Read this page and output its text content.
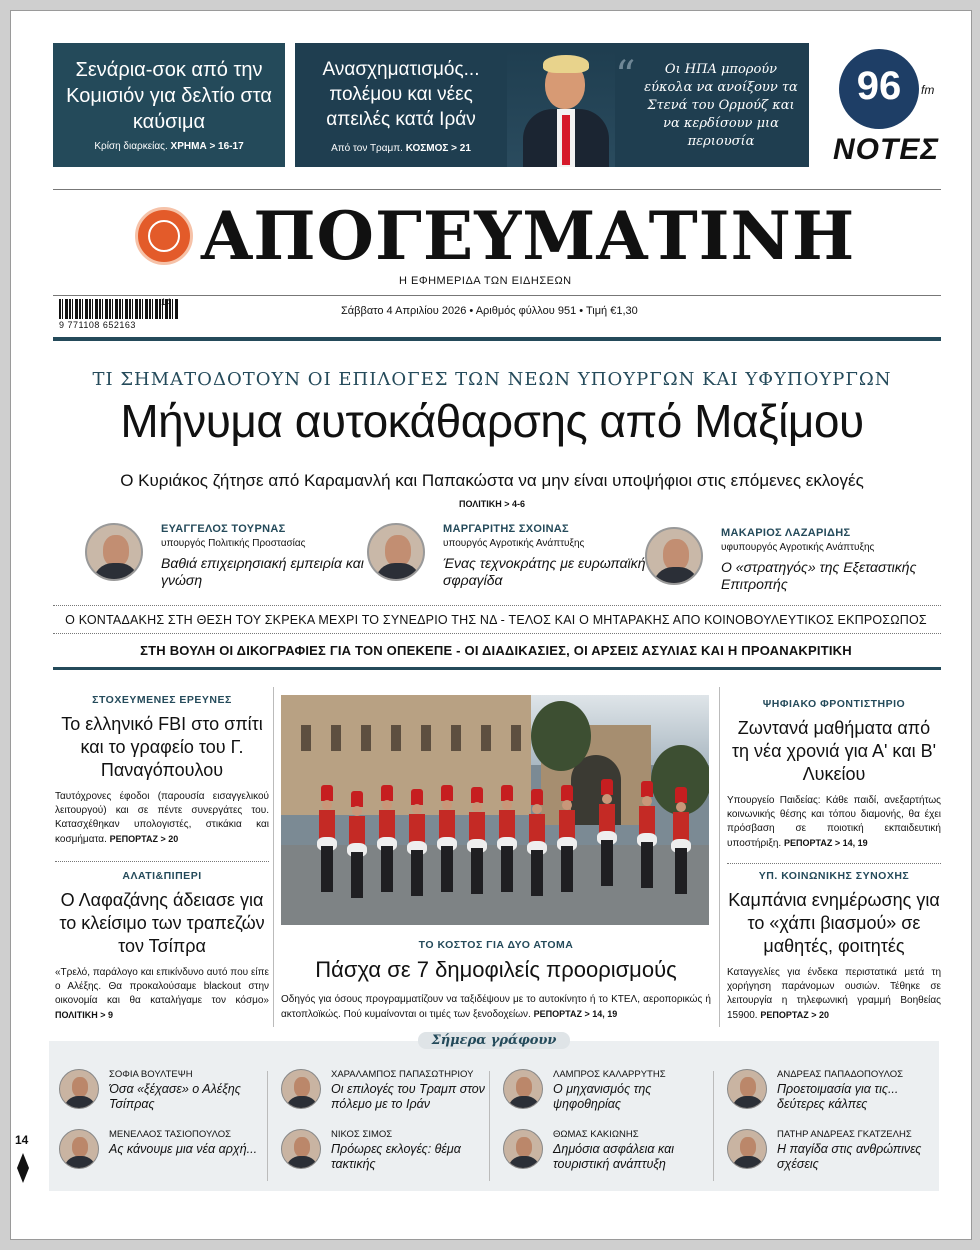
Σενάρια-σοκ από την Κομισιόν για δελτίο στα καύσιμα
Κρίση διαρκείας. ΧΡΗΜΑ > 16-17
Ανασχηματισμός... πολέμου και νέες απειλές κατά Ιράν
Από τον Τραμπ. ΚΟΣΜΟΣ > 21
“	Οι ΗΠΑ μπορούν εύκολα να ανοίξουν τα Στενά του Ορμούζ και να κερδίσουν μια περιουσία
96	fm
ΝΟΤΕΣ
ΑΠΟΓΕΥΜΑΤΙΝΗ
Η ΕΦΗΜΕΡΙΔΑ ΤΩΝ ΕΙΔΗΣΕΩΝ
9 771108 652163
14
Σάββατο 4 Απριλίου 2026 • Αριθμός φύλλου 951 • Τιμή €1,30
ΤΙ ΣΗΜΑΤΟΔΟΤΟΥΝ ΟΙ ΕΠΙΛΟΓΕΣ ΤΩΝ ΝΕΩΝ ΥΠΟΥΡΓΩΝ ΚΑΙ ΥΦΥΠΟΥΡΓΩΝ
Μήνυμα αυτοκάθαρσης από Μαξίμου
Ο Κυριάκος ζήτησε από Καραμανλή και Παπακώστα να μην είναι υποψήφιοι στις επόμενες εκλογές
ΠΟΛΙΤΙΚΗ > 4-6
ΕΥΑΓΓΕΛΟΣ ΤΟΥΡΝΑΣ
υπουργός Πολιτικής Προστασίας
Βαθιά επιχειρησιακή εμπειρία και γνώση
ΜΑΡΓΑΡΙΤΗΣ ΣΧΟΙΝΑΣ
υπουργός Αγροτικής Ανάπτυξης
Ένας τεχνοκράτης με ευρωπαϊκή σφραγίδα
ΜΑΚΑΡΙΟΣ ΛΑΖΑΡΙΔΗΣ
υφυπουργός Αγροτικής Ανάπτυξης
Ο «στρατηγός» της Εξεταστικής Επιτροπής
Ο ΚΟΝΤΑΔΑΚΗΣ ΣΤΗ ΘΕΣΗ ΤΟΥ ΣΚΡΕΚΑ ΜΕΧΡΙ ΤΟ ΣΥΝΕΔΡΙΟ ΤΗΣ ΝΔ - ΤΕΛΟΣ ΚΑΙ Ο ΜΗΤΑΡΑΚΗΣ ΑΠΟ ΚΟΙΝΟΒΟΥΛΕΥΤΙΚΟΣ ΕΚΠΡΟΣΩΠΟΣ
ΣΤΗ ΒΟΥΛΗ ΟΙ ΔΙΚΟΓΡΑΦΙΕΣ ΓΙΑ ΤΟΝ ΟΠΕΚΕΠΕ - ΟΙ ΔΙΑΔΙΚΑΣΙΕΣ, ΟΙ ΑΡΣΕΙΣ ΑΣΥΛΙΑΣ ΚΑΙ Η ΠΡΟΑΝΑΚΡΙΤΙΚΗ
ΣΤΟΧΕΥΜΕΝΕΣ ΕΡΕΥΝΕΣ
Το ελληνικό FBI στο σπίτι και το γραφείο του Γ. Παναγόπουλου
Ταυτόχρονες έφοδοι (παρουσία εισαγγελικού λειτουργού) και σε πέντε συνεργάτες του. Κατασχέθηκαν υπολογιστές, στικάκια και κοσμήματα. ΡΕΠΟΡΤΑΖ > 20
ΑΛΑΤΙ&ΠΙΠΕΡΙ
Ο Λαφαζάνης άδειασε για το κλείσιμο των τραπεζών τον Τσίπρα
«Τρελό, παράλογο και επικίνδυνο αυτό που είπε ο Αλέξης. Θα προκαλούσαμε blackout στην οικονομία και θα καταλήγαμε τον κόσμο» ΠΟΛΙΤΙΚΗ > 9
ΤΟ ΚΟΣΤΟΣ ΓΙΑ ΔΥΟ ΑΤΟΜΑ
Πάσχα σε 7 δημοφιλείς προορισμούς
Οδηγός για όσους προγραμματίζουν να ταξιδέψουν με το αυτοκίνητο ή το ΚΤΕΛ, αεροπορικώς ή ακτοπλοϊκώς. Πού κυμαίνονται οι τιμές των ξενοδοχείων. ΡΕΠΟΡΤΑΖ > 14, 19
ΨΗΦΙΑΚΟ ΦΡΟΝΤΙΣΤΗΡΙΟ
Ζωντανά μαθήματα από τη νέα χρονιά για Α' και Β' Λυκείου
Υπουργείο Παιδείας: Κάθε παιδί, ανεξαρτήτως κοινωνικής θέσης και τόπου διαμονής, θα έχει πρόσβαση σε ποιοτική εκπαιδευτική υποστήριξη. ΡΕΠΟΡΤΑΖ > 14, 19
ΥΠ. ΚΟΙΝΩΝΙΚΗΣ ΣΥΝΟΧΗΣ
Καμπάνια ενημέρωσης για το «χάπι βιασμού» σε μαθητές, φοιτητές
Καταγγελίες για ένδεκα περιστατικά μετά τη χορήγηση παράνομων ουσιών. Τέθηκε σε λειτουργία η τηλεφωνική γραμμή Βοηθείας 15900. ΡΕΠΟΡΤΑΖ > 20
Σήμερα γράφουν
ΣΟΦΙΑ ΒΟΥΛΤΕΨΗ
Όσα «ξέχασε» ο Αλέξης Τσίπρας
ΧΑΡΑΛΑΜΠΟΣ ΠΑΠΑΣΩΤΗΡΙΟΥ
Οι επιλογές του Τραμπ στον πόλεμο με το Ιράν
ΛΑΜΠΡΟΣ ΚΑΛΑΡΡΥΤΗΣ
Ο μηχανισμός της ψηφοθηρίας
ΑΝΔΡΕΑΣ ΠΑΠΑΔΟΠΟΥΛΟΣ
Προετοιμασία για τις... δεύτερες κάλπες
ΜΕΝΕΛΑΟΣ ΤΑΣΙΟΠΟΥΛΟΣ
Ας κάνουμε μια νέα αρχή...
ΝΙΚΟΣ ΣΙΜΟΣ
Πρόωρες εκλογές: θέμα τακτικής
ΘΩΜΑΣ ΚΑΚΙΩΝΗΣ
Δημόσια ασφάλεια και τουριστική ανάπτυξη
ΠΑΤΗΡ ΑΝΔΡΕΑΣ ΓΚΑΤΖΕΛΗΣ
Η παγίδα στις ανθρώπινες σχέσεις
14
